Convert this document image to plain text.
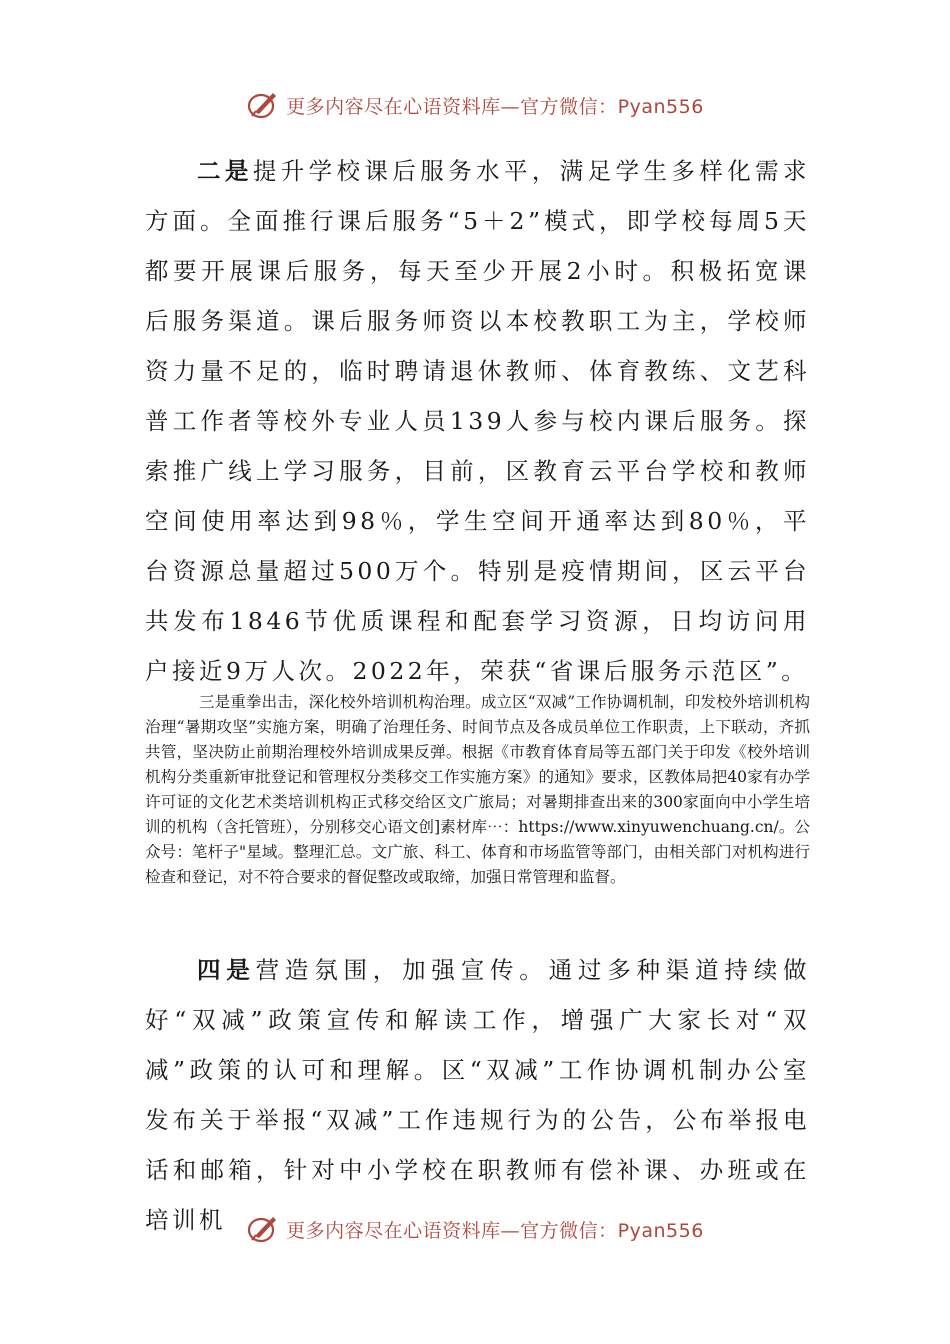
更多内容尽在心语资料库—官方微信：Pyan556

二是提升学校课后服务水平，满足学生多样化需求方面。全面推行课后服务“5＋2”模式，即学校每周5天都要开展课后服务，每天至少开展2小时。积极拓宽课后服务渠道。课后服务师资以本校教职工为主，学校师资力量不足的，临时聘请退休教师、体育教练、文艺科普工作者等校外专业人员139人参与校内课后服务。探索推广线上学习服务，目前，区教育云平台学校和教师空间使用率达到98％，学生空间开通率达到80％，平台资源总量超过500万个。特别是疫情期间，区云平台共发布1846节优质课程和配套学习资源，日均访问用户接近9万人次。2022年，荣获“省课后服务示范区”。

三是重拳出击，深化校外培训机构治理。成立区“双减”工作协调机制，印发校外培训机构治理“暑期攻坚”实施方案，明确了治理任务、时间节点及各成员单位工作职责，上下联动，齐抓共管，坚决防止前期治理校外培训成果反弹。根据《市教育体育局等五部门关于印发《校外培训机构分类重新审批登记和管理权分类移交工作实施方案》的通知》要求，区教体局把40家有办学许可证的文化艺术类培训机构正式移交给区文广旅局；对暑期排查出来的300家面向中小学生培训的机构（含托管班），分别移交心语文创]素材库⋯：https://www.xinyuwenchuang.cn/。公众号：笔杆子"星域。整理汇总。文广旅、科工、体育和市场监管等部门，由相关部门对机构进行检查和登记，对不符合要求的督促整改或取缔，加强日常管理和监督。

四是营造氛围，加强宣传。通过多种渠道持续做好“双减”政策宣传和解读工作，增强广大家长对“双减”政策的认可和理解。区“双减”工作协调机制办公室发布关于举报“双减”工作违规行为的公告，公布举报电话和邮箱，针对中小学校在职教师有偿补课、办班或在培训机	更多内容尽在心语资料库—官方微信：Pyan556
